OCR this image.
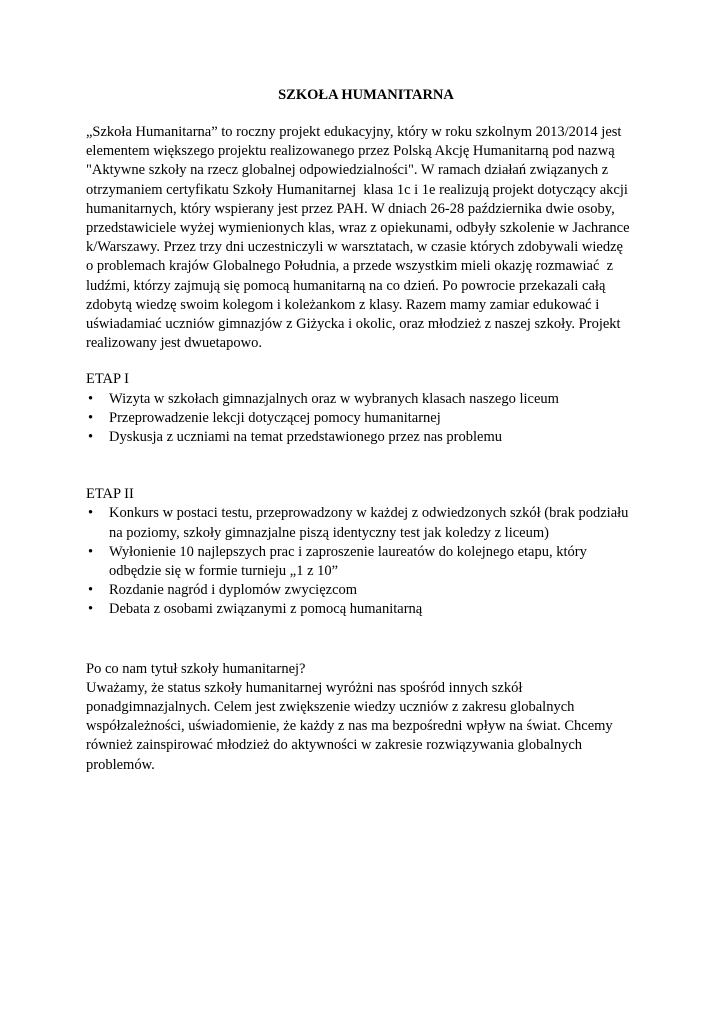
SZKOŁA HUMANITARNA

„Szkoła Humanitarna” to roczny projekt edukacyjny, który w roku szkolnym 2013/2014 jest
elementem większego projektu realizowanego przez Polską Akcję Humanitarną pod nazwą
"Aktywne szkoły na rzecz globalnej odpowiedzialności". W ramach działań związanych z
otrzymaniem certyfikatu Szkoły Humanitarnej  klasa 1c i 1e realizują projekt dotyczący akcji
humanitarnych, który wspierany jest przez PAH. W dniach 26-28 października dwie osoby,
przedstawiciele wyżej wymienionych klas, wraz z opiekunami, odbyły szkolenie w Jachrance
k/Warszawy. Przez trzy dni uczestniczyli w warsztatach, w czasie których zdobywali wiedzę
o problemach krajów Globalnego Południa, a przede wszystkim mieli okazję rozmawiać  z
ludźmi, którzy zajmują się pomocą humanitarną na co dzień. Po powrocie przekazali całą
zdobytą wiedzę swoim kolegom i koleżankom z klasy. Razem mamy zamiar edukować i
uświadamiać uczniów gimnazjów z Giżycka i okolic, oraz młodzież z naszej szkoły. Projekt
realizowany jest dwuetapowo.

ETAP I

• Wizyta w szkołach gimnazjalnych oraz w wybranych klasach naszego liceum
• Przeprowadzenie lekcji dotyczącej pomocy humanitarnej
• Dyskusja z uczniami na temat przedstawionego przez nas problemu

ETAP II

• Konkurs w postaci testu, przeprowadzony w każdej z odwiedzonych szkół (brak podziału
na poziomy, szkoły gimnazjalne piszą identyczny test jak koledzy z liceum)
• Wyłonienie 10 najlepszych prac i zaproszenie laureatów do kolejnego etapu, który
odbędzie się w formie turnieju „1 z 10”
• Rozdanie nagród i dyplomów zwycięzcom
• Debata z osobami związanymi z pomocą humanitarną

Po co nam tytuł szkoły humanitarnej?
Uważamy, że status szkoły humanitarnej wyróżni nas spośród innych szkół
ponadgimnazjalnych. Celem jest zwiększenie wiedzy uczniów z zakresu globalnych
współzależności, uświadomienie, że każdy z nas ma bezpośredni wpływ na świat. Chcemy
również zainspirować młodzież do aktywności w zakresie rozwiązywania globalnych
problemów.
